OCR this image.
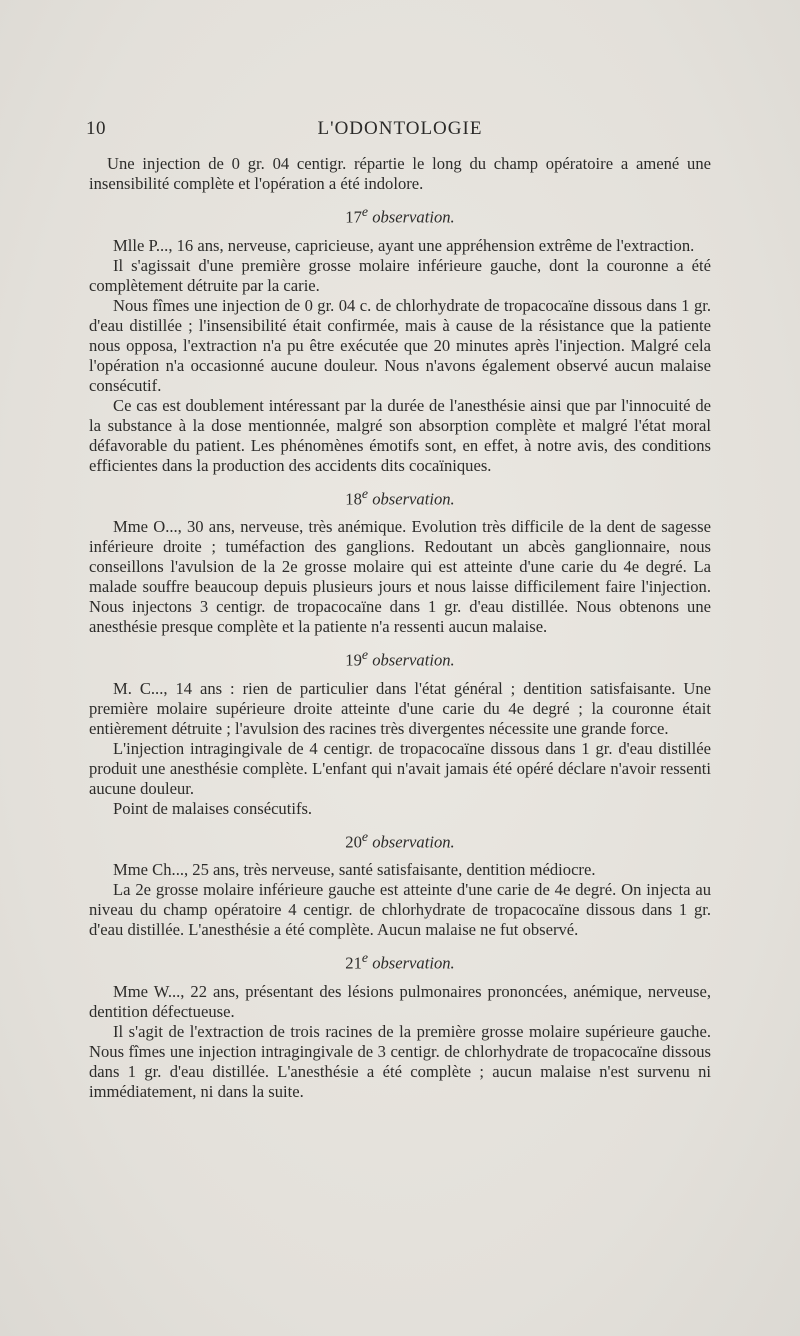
10	L'ODONTOLOGIE

Une injection de 0 gr. 04 centigr. répartie le long du champ opératoire a amené une insensibilité complète et l'opération a été indolore.

17e observation.

Mlle P..., 16 ans, nerveuse, capricieuse, ayant une appréhension extrême de l'extraction.

Il s'agissait d'une première grosse molaire inférieure gauche, dont la couronne a été complètement détruite par la carie.

Nous fîmes une injection de 0 gr. 04 c. de chlorhydrate de tropacocaïne dissous dans 1 gr. d'eau distillée ; l'insensibilité était confirmée, mais à cause de la résistance que la patiente nous opposa, l'extraction n'a pu être exécutée que 20 minutes après l'injection. Malgré cela l'opération n'a occasionné aucune douleur. Nous n'avons également observé aucun malaise consécutif.

Ce cas est doublement intéressant par la durée de l'anesthésie ainsi que par l'innocuité de la substance à la dose mentionnée, malgré son absorption complète et malgré l'état moral défavorable du patient. Les phénomènes émotifs sont, en effet, à notre avis, des conditions efficientes dans la production des accidents dits cocaïniques.

18e observation.

Mme O..., 30 ans, nerveuse, très anémique. Evolution très difficile de la dent de sagesse inférieure droite ; tuméfaction des ganglions. Redoutant un abcès ganglionnaire, nous conseillons l'avulsion de la 2e grosse molaire qui est atteinte d'une carie du 4e degré. La malade souffre beaucoup depuis plusieurs jours et nous laisse difficilement faire l'injection. Nous injectons 3 centigr. de tropacocaïne dans 1 gr. d'eau distillée. Nous obtenons une anesthésie presque complète et la patiente n'a ressenti aucun malaise.

19e observation.

M. C..., 14 ans : rien de particulier dans l'état général ; dentition satisfaisante. Une première molaire supérieure droite atteinte d'une carie du 4e degré ; la couronne était entièrement détruite ; l'avulsion des racines très divergentes nécessite une grande force.

L'injection intragingivale de 4 centigr. de tropacocaïne dissous dans 1 gr. d'eau distillée produit une anesthésie complète. L'enfant qui n'avait jamais été opéré déclare n'avoir ressenti aucune douleur.

Point de malaises consécutifs.

20e observation.

Mme Ch..., 25 ans, très nerveuse, santé satisfaisante, dentition médiocre.

La 2e grosse molaire inférieure gauche est atteinte d'une carie de 4e degré. On injecta au niveau du champ opératoire 4 centigr. de chlorhydrate de tropacocaïne dissous dans 1 gr. d'eau distillée. L'anesthésie a été complète. Aucun malaise ne fut observé.

21e observation.

Mme W..., 22 ans, présentant des lésions pulmonaires prononcées, anémique, nerveuse, dentition défectueuse.

Il s'agit de l'extraction de trois racines de la première grosse molaire supérieure gauche. Nous fîmes une injection intragingivale de 3 centigr. de chlorhydrate de tropacocaïne dissous dans 1 gr. d'eau distillée. L'anesthésie a été complète ; aucun malaise n'est survenu ni immédiatement, ni dans la suite.
